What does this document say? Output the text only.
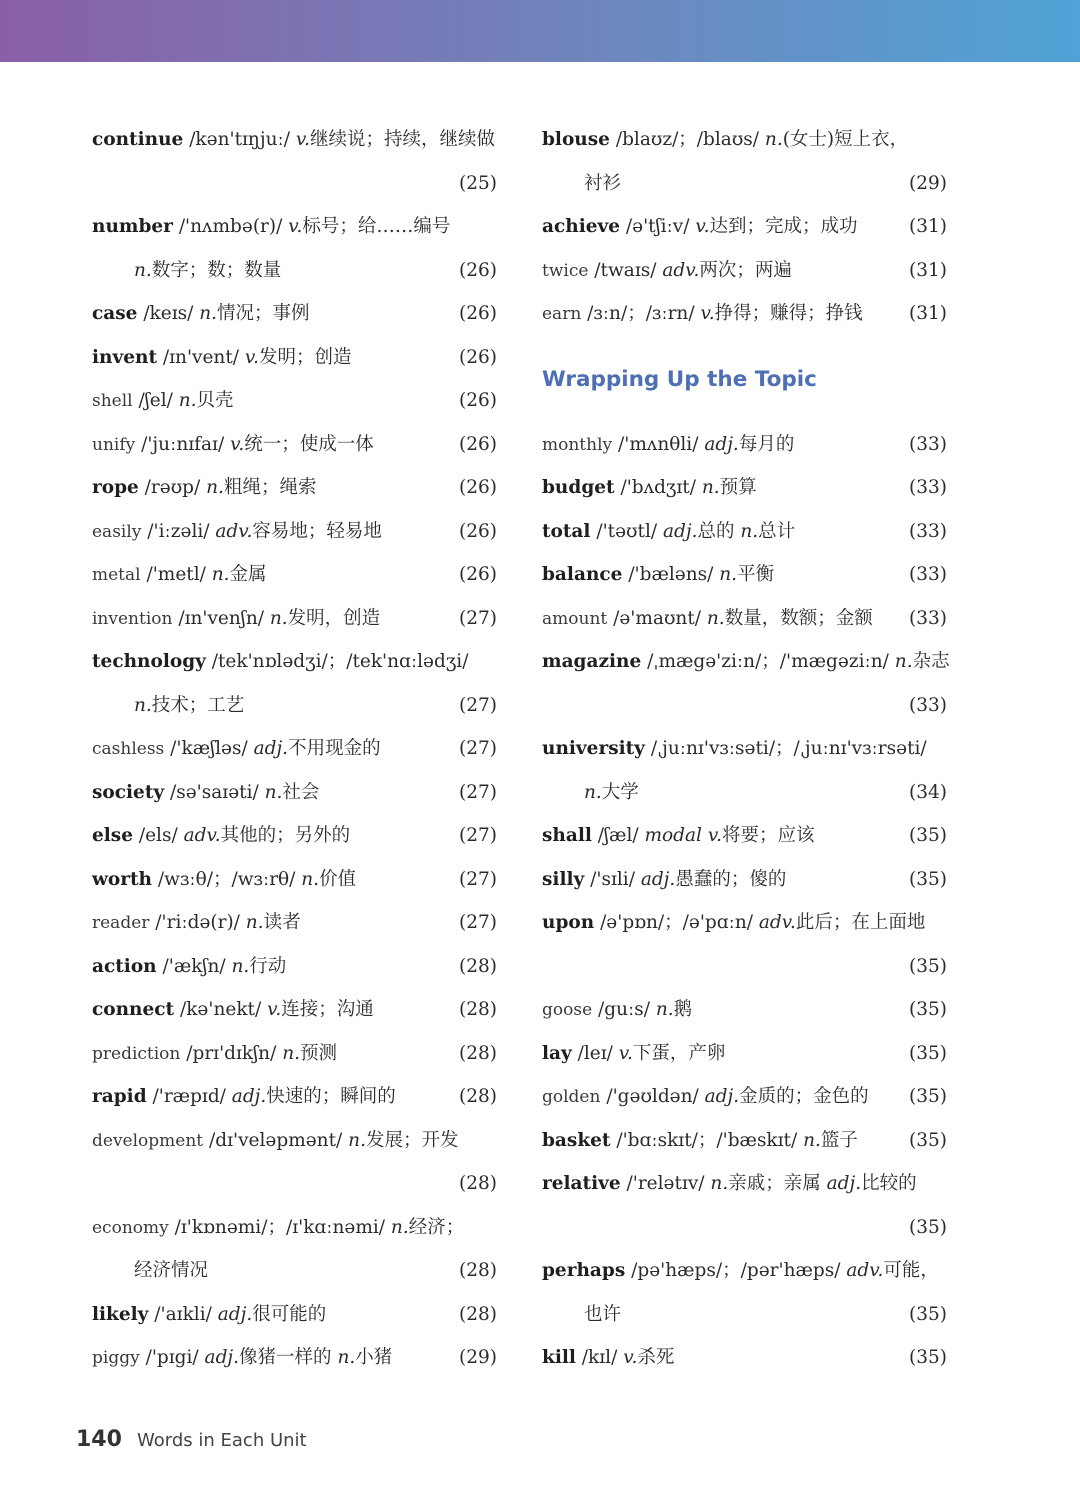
continue /kən'tɪŋjuː/ v.继续说；持续，继续做
(25)
number /'nʌmbə(r)/ v.标号；给……编号
n.数字；数；数量	(26)
case /keɪs/ n.情况；事例	(26)
invent /ɪn'vent/ v.发明；创造	(26)
shell /ʃel/ n.贝壳	(26)
unify /'juːnɪfaɪ/ v.统一；使成一体	(26)
rope /rəʊp/ n.粗绳；绳索	(26)
easily /'iːzəli/ adv.容易地；轻易地	(26)
metal /'metl/ n.金属	(26)
invention /ɪn'venʃn/ n.发明，创造	(27)
technology /tek'nɒlədʒi/；/tek'nɑːlədʒi/
n.技术；工艺	(27)
cashless /'kæʃləs/ adj.不用现金的	(27)
society /sə'saɪəti/ n.社会	(27)
else /els/ adv.其他的；另外的	(27)
worth /wɜːθ/；/wɜːrθ/ n.价值	(27)
reader /'riːdə(r)/ n.读者	(27)
action /'ækʃn/ n.行动	(28)
connect /kə'nekt/ v.连接；沟通	(28)
prediction /prɪ'dɪkʃn/ n.预测	(28)
rapid /'ræpɪd/ adj.快速的；瞬间的	(28)
development /dɪ'veləpmənt/ n.发展；开发
(28)
economy /ɪ'kɒnəmi/；/ɪ'kɑːnəmi/ n.经济；
经济情况	(28)
likely /'aɪkli/ adj.很可能的	(28)
piggy /'pɪgi/ adj.像猪一样的 n.小猪	(29)
blouse /blaʊz/；/blaʊs/ n.(女士)短上衣，
衬衫	(29)
achieve /ə'tʃiːv/ v.达到；完成；成功	(31)
twice /twaɪs/ adv.两次；两遍	(31)
earn /ɜːn/；/ɜːrn/ v.挣得；赚得；挣钱	(31)
Wrapping Up the Topic
monthly /'mʌnθli/ adj.每月的	(33)
budget /'bʌdʒɪt/ n.预算	(33)
total /'təʊtl/ adj.总的 n.总计	(33)
balance /'bæləns/ n.平衡	(33)
amount /ə'maʊnt/ n.数量，数额；金额 (33)
magazine /ˌmægə'ziːn/；/'mægəziːn/ n.杂志
(33)
university /ˌjuːnɪ'vɜːsəti/；/ˌjuːnɪ'vɜːrsəti/
n.大学	(34)
shall /ʃæl/ modal v.将要；应该	(35)
silly /'sɪli/ adj.愚蠢的；傻的	(35)
upon /ə'pɒn/；/ə'pɑːn/ adv.此后；在上面地
(35)
goose /guːs/ n.鹅	(35)
lay /leɪ/ v.下蛋，产卵	(35)
golden /'gəʊldən/ adj.金质的；金色的 (35)
basket /'bɑːskɪt/；/'bæskɪt/ n.篮子	(35)
relative /'relətɪv/ n.亲戚；亲属 adj.比较的
(35)
perhaps /pə'hæps/；/pər'hæps/ adv.可能，
也许	(35)
kill /kɪl/ v.杀死	(35)
140 Words in Each Unit
